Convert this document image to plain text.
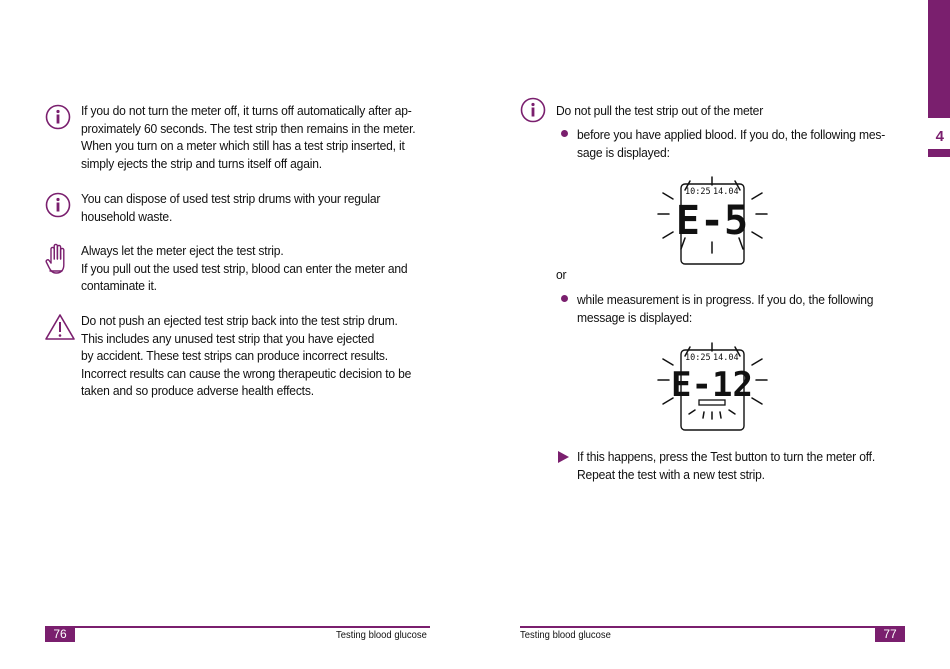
If you do not turn the meter off, it turns off automatically after ap-
proximately 60 seconds. The test strip then remains in the meter.
When you turn on a meter which still has a test strip inserted, it
simply ejects the strip and turns itself off again.

You can dispose of used test strip drums with your regular
household waste.

Always let the meter eject the test strip.
If you pull out the used test strip, blood can enter the meter and
contaminate it.

Do not push an ejected test strip back into the test strip drum.
This includes any unused test strip that you have ejected
by accident. These test strips can produce incorrect results.
Incorrect results can cause the wrong therapeutic decision to be
taken and so produce adverse health effects.

76	Testing blood glucose
4

Do not pull the test strip out of the meter

before you have applied blood. If you do, the following mes-
sage is displayed:

10:25 14.04
E-5

or

while measurement is in progress. If you do, the following
message is displayed:

10:25 14.04
E-12

If this happens, press the Test button to turn the meter off.
Repeat the test with a new test strip.

Testing blood glucose	77
